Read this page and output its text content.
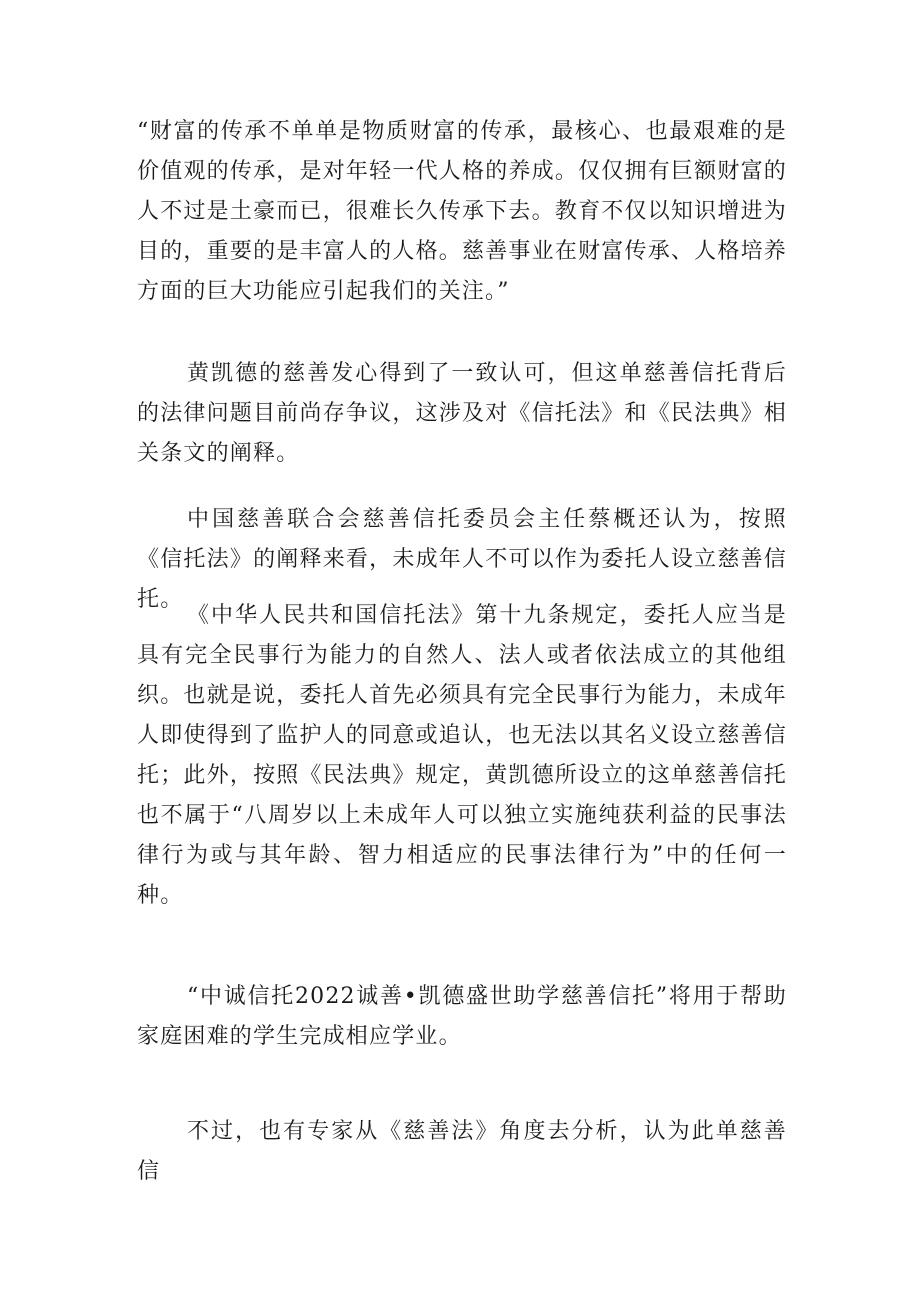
“财富的传承不单单是物质财富的传承，最核心、也最艰难的是价值观的传承，是对年轻一代人格的养成。仅仅拥有巨额财富的人不过是土豪而已，很难长久传承下去。教育不仅以知识增进为目的，重要的是丰富人的人格。慈善事业在财富传承、人格培养方面的巨大功能应引起我们的关注。”

黄凯德的慈善发心得到了一致认可，但这单慈善信托背后的法律问题目前尚存争议，这涉及对《信托法》和《民法典》相关条文的阐释。

中国慈善联合会慈善信托委员会主任蔡概还认为，按照《信托法》的阐释来看，未成年人不可以作为委托人设立慈善信托。

《中华人民共和国信托法》第十九条规定，委托人应当是具有完全民事行为能力的自然人、法人或者依法成立的其他组织。也就是说，委托人首先必须具有完全民事行为能力，未成年人即使得到了监护人的同意或追认，也无法以其名义设立慈善信托；此外，按照《民法典》规定，黄凯德所设立的这单慈善信托也不属于“八周岁以上未成年人可以独立实施纯获利益的民事法律行为或与其年龄、智力相适应的民事法律行为”中的任何一种。

“中诚信托2022诚善•凯德盛世助学慈善信托”将用于帮助家庭困难的学生完成相应学业。

不过，也有专家从《慈善法》角度去分析，认为此单慈善信
